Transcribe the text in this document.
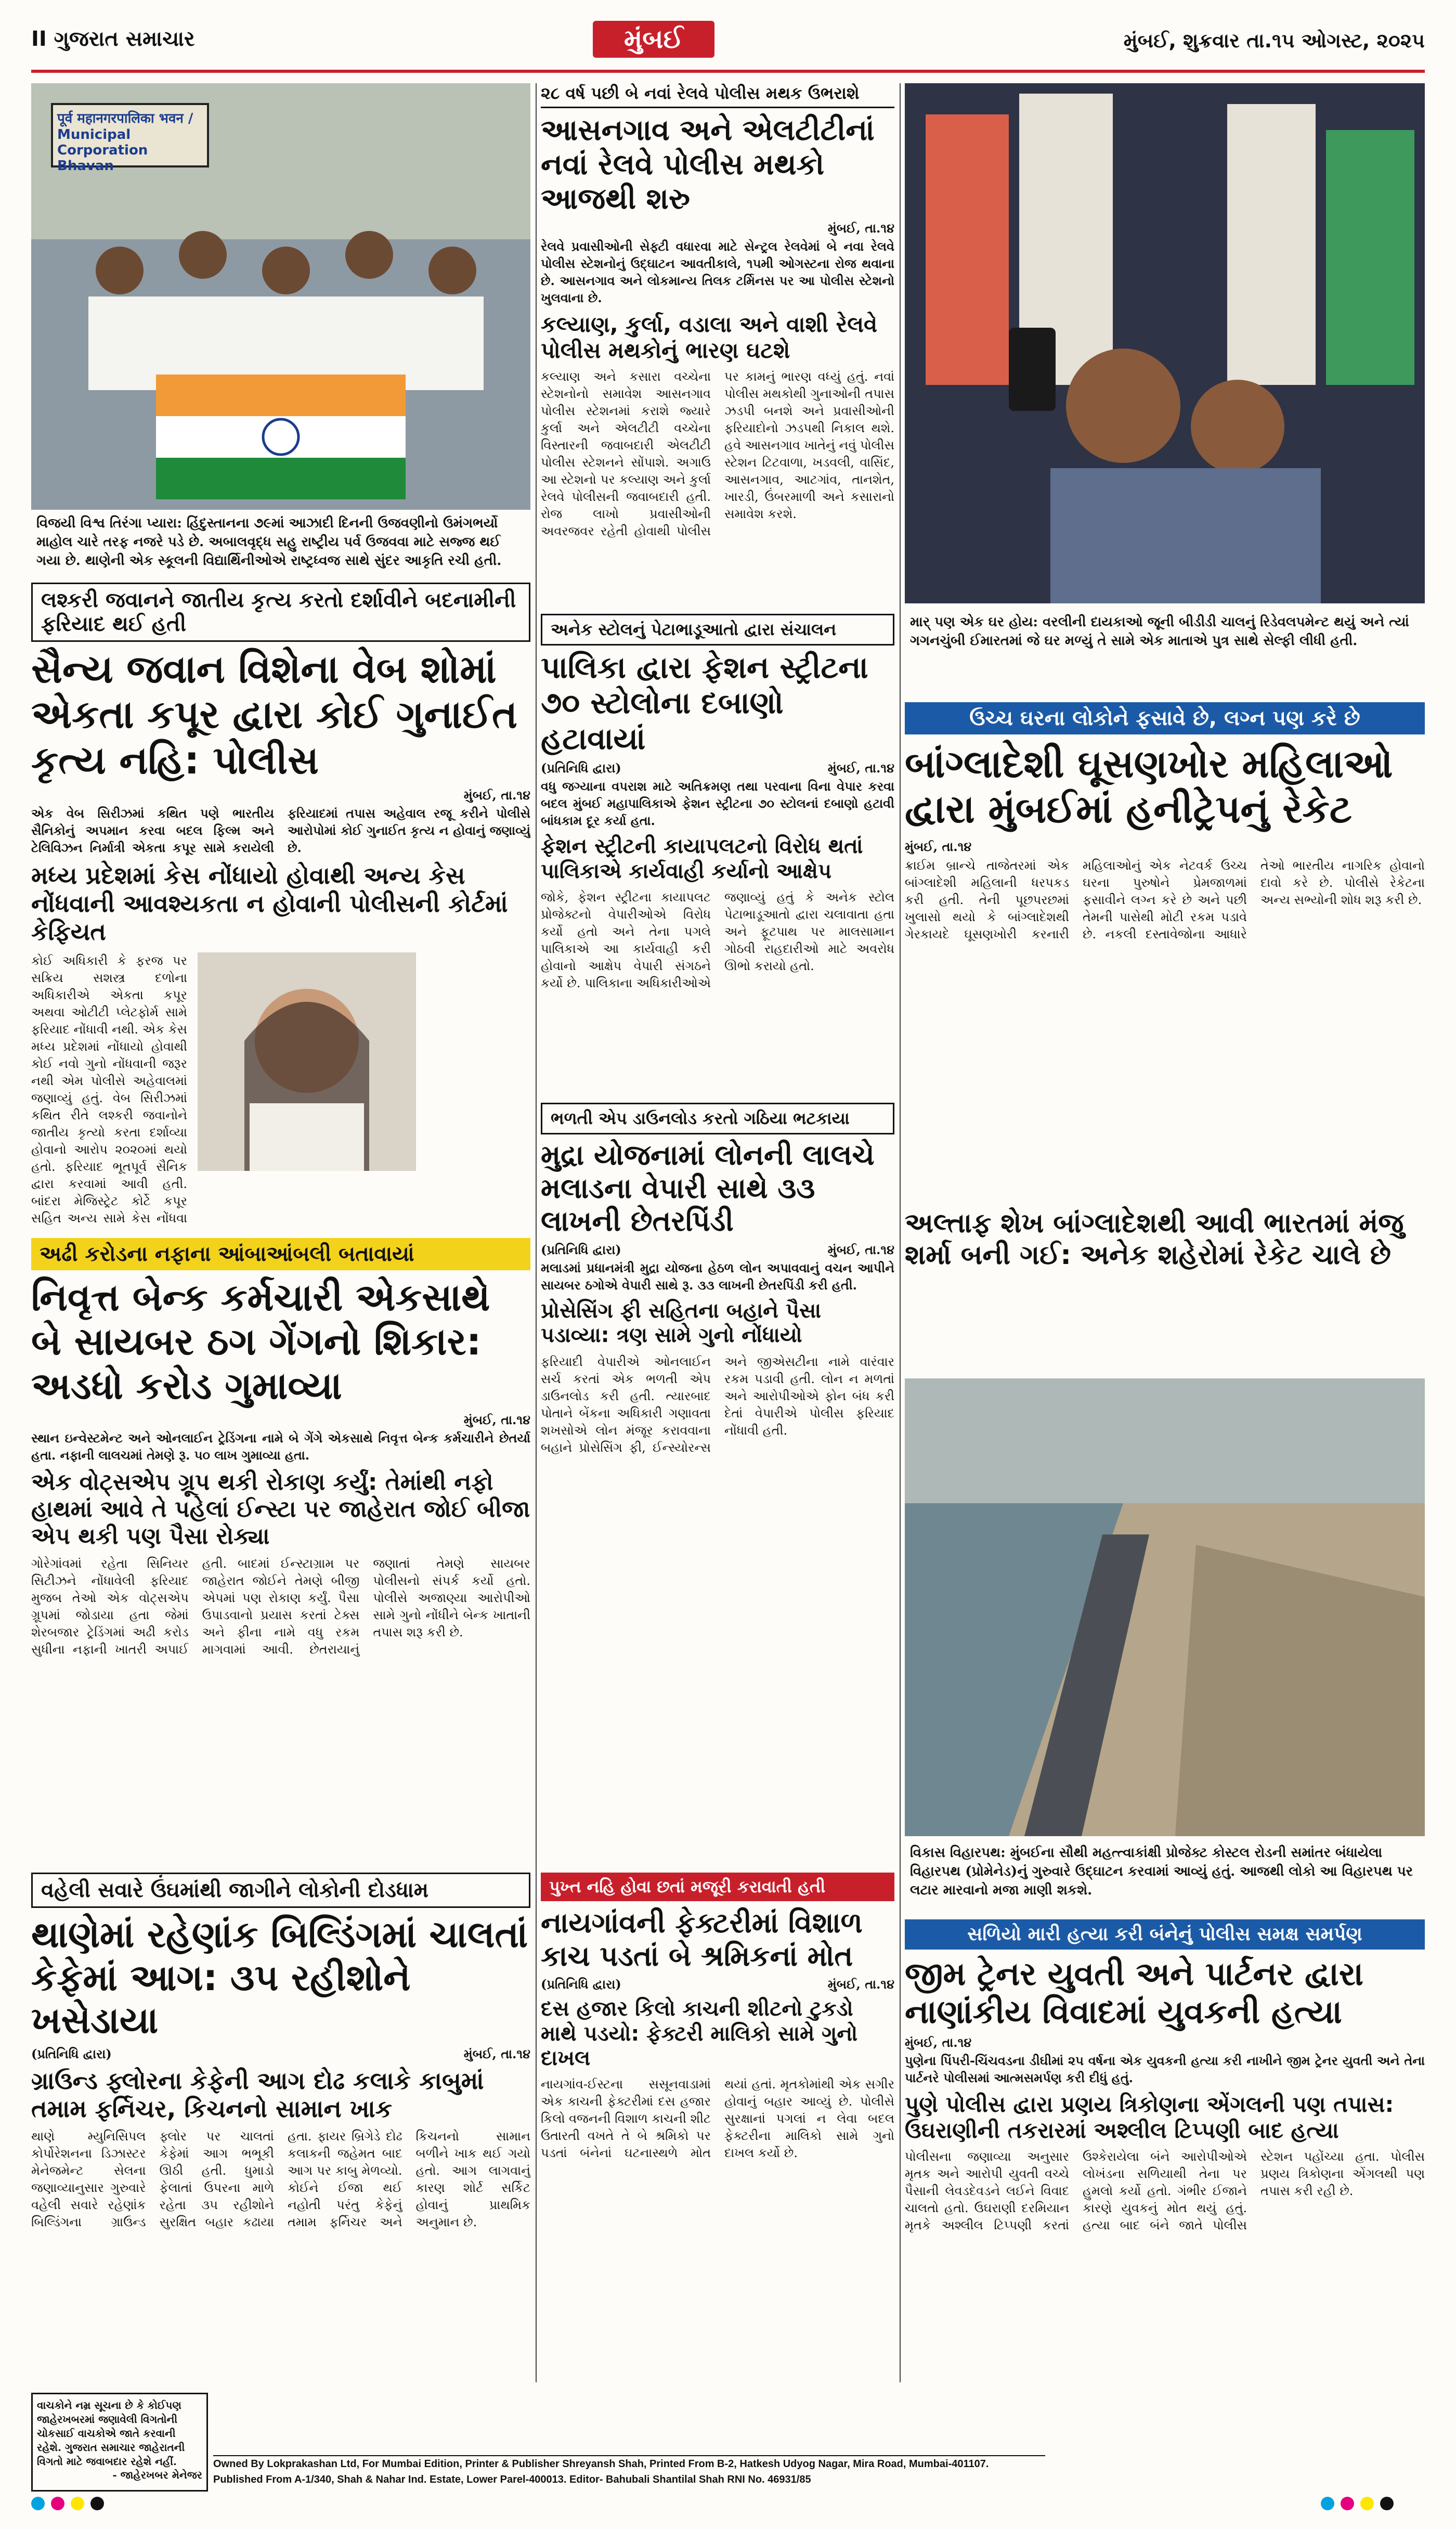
II ગુજરાત સમાચાર	મુંબઈ	મુંબઈ, શુક્રવાર તા.૧૫ ઓગસ્ટ, ૨૦૨૫
पूर्व महानगरपालिका भवन / Municipal Corporation Bhavan
વિજયી વિશ્વ તિરંગા પ્યારા: હિંદુસ્તાનના ૭૯માં આઝાદી દિનની ઉજવણીનો ઉમંગભર્યો માહોલ ચારે તરફ નજરે પડે છે. અબાલવૃદ્ધ સહુ રાષ્ટ્રીય પર્વ ઉજવવા માટે સજ્જ થઈ ગયા છે. થાણેની એક સ્કૂલની વિદ્યાર્થિનીઓએ રાષ્ટ્રધ્વજ સાથે સુંદર આકૃતિ રચી હતી.
૨૮ વર્ષ પછી બે નવાં રેલવે પોલીસ મથક ઉભરાશે
આસનગાવ અને એલટીટીનાં નવાં રેલવે પોલીસ મથકો આજથી શરુ
મુંબઈ, તા.૧૪
રેલવે પ્રવાસીઓની સેફ્ટી વધારવા માટે સેન્ટ્રલ રેલવેમાં બે નવા રેલવે પોલીસ સ્ટેશનોનું ઉદ્ઘાટન આવતીકાલે, ૧૫મી ઓગસ્ટના રોજ થવાના છે. આસનગાવ અને લોકમાન્ય તિલક ટર્મિનસ પર આ પોલીસ સ્ટેશનો ખુલવાના છે.
કલ્યાણ, કુર્લા, વડાલા અને વાશી રેલવે પોલીસ મથકોનું ભારણ ઘટશે
કલ્યાણ અને કસારા વચ્ચેના સ્ટેશનોનો સમાવેશ આસનગાવ પોલીસ સ્ટેશનમાં કરાશે જ્યારે કુર્લા અને એલટીટી વચ્ચેના વિસ્તારની જવાબદારી એલટીટી પોલીસ સ્ટેશનને સોંપાશે. અગાઉ આ સ્ટેશનો પર કલ્યાણ અને કુર્લા રેલવે પોલીસની જવાબદારી હતી. રોજ લાખો પ્રવાસીઓની અવરજવર રહેતી હોવાથી પોલીસ પર કામનું ભારણ વધ્યું હતું. નવાં પોલીસ મથકોથી ગુનાઓની તપાસ ઝડપી બનશે અને પ્રવાસીઓની ફરિયાદોનો ઝડપથી નિકાલ થશે. હવે આસનગાવ ખાતેનું નવું પોલીસ સ્ટેશન ટિટવાળા, ખડવલી, વાસિંદ, આસનગાવ, આટગાંવ, તાનશેત, ખારડી, ઉંબરમાળી અને કસારાનો સમાવેશ કરશે.
માર્ પણ એક ઘર હોય: વરલીની દાયકાઓ જૂની બીડીડી ચાલનું રિડેવલપમેન્ટ થયું અને ત્યાં ગગનચુંબી ઈમારતમાં જે ઘર મળ્યું તે સામે એક માતાએ પુત્ર સાથે સેલ્ફી લીધી હતી.
લશ્કરી જવાનને જાતીય કૃત્ય કરતો દર્શાવીને બદનામીની ફરિયાદ થઈ હતી
સૈન્ય જવાન વિશેના વેબ શોમાં એકતા કપૂર દ્વારા કોઈ ગુનાઈત કૃત્ય નહિ: પોલીસ
મુંબઈ, તા.૧૪
એક વેબ સિરીઝમાં કથિત પણે ભારતીય સૈનિકોનું અપમાન કરવા બદલ ફિલ્મ અને ટેલિવિઝન નિર્માત્રી એકતા કપૂર સામે કરાયેલી ફરિયાદમાં તપાસ અહેવાલ રજૂ કરીને પોલીસે આરોપોમાં કોઈ ગુનાઈત કૃત્ય ન હોવાનું જણાવ્યું છે.
મધ્ય પ્રદેશમાં કેસ નોંધાયો હોવાથી અન્ય કેસ નોંધવાની આવશ્યકતા ન હોવાની પોલીસની કોર્ટમાં કેફિયત
કોઈ અધિકારી કે ફરજ પર સક્રિય સશસ્ત્ર દળોના અધિકારીએ એકતા કપૂર અથવા ઓટીટી પ્લેટફોર્મ સામે ફરિયાદ નોંધાવી નથી. એક કેસ મધ્ય પ્રદેશમાં નોંધાયો હોવાથી કોઈ નવો ગુનો નોંધવાની જરૂર નથી એમ પોલીસે અહેવાલમાં જણાવ્યું હતું. વેબ સિરીઝમાં કથિત રીતે લશ્કરી જવાનોને જાતીય કૃત્યો કરતા દર્શાવ્યા હોવાનો આરોપ ૨૦૨૦માં થયો હતો. ફરિયાદ ભૂતપૂર્વ સૈનિક દ્વારા કરવામાં આવી હતી. બાંદરા મેજિસ્ટ્રેટ કોર્ટે કપૂર સહિત અન્ય સામે કેસ નોંધવા
અનેક સ્ટોલનું પેટાભાડૂઆતો દ્વારા સંચાલન
પાલિકા દ્વારા ફેશન સ્ટ્રીટના ૭૦ સ્ટોલોના દબાણો હટાવાયાં
(પ્રતિનિધિ દ્વારા)	મુંબઈ, તા.૧૪
વધુ જગ્યાના વપરાશ માટે અતિક્રમણ તથા પરવાના વિના વેપાર કરવા બદલ મુંબઈ મહાપાલિકાએ ફેશન સ્ટ્રીટના ૭૦ સ્ટોલનાં દબાણો હટાવી બાંધકામ દૂર કર્યા હતા.
ફેશન સ્ટ્રીટની કાયાપલટનો વિરોધ થતાં પાલિકાએ કાર્યવાહી કર્યાનો આક્ષેપ
જોકે, ફેશન સ્ટ્રીટના કાયાપલટ પ્રોજેક્ટનો વેપારીઓએ વિરોધ કર્યો હતો અને તેના પગલે પાલિકાએ આ કાર્યવાહી કરી હોવાનો આક્ષેપ વેપારી સંગઠને કર્યો છે. પાલિકાના અધિકારીઓએ જણાવ્યું હતું કે અનેક સ્ટોલ પેટાભાડૂઆતો દ્વારા ચલાવાતા હતા અને ફૂટપાથ પર માલસામાન ગોઠવી રાહદારીઓ માટે અવરોધ ઊભો કરાયો હતો.
ઉચ્ચ ઘરના લોકોને ફસાવે છે, લગ્ન પણ કરે છે
બાંગ્લાદેશી ઘૂસણખોર મહિલાઓ દ્વારા મુંબઈમાં હનીટ્રેપનું રેકેટ
મુંબઈ, તા.૧૪
ક્રાઈમ બ્રાન્ચે તાજેતરમાં એક બાંગ્લાદેશી મહિલાની ધરપકડ કરી હતી. તેની પૂછપરછમાં ખુલાસો થયો કે બાંગ્લાદેશથી ગેરકાયદે ઘૂસણખોરી કરનારી મહિલાઓનું એક નેટવર્ક ઉચ્ચ ઘરના પુરુષોને પ્રેમજાળમાં ફસાવીને લગ્ન કરે છે અને પછી તેમની પાસેથી મોટી રકમ પડાવે છે. નકલી દસ્તાવેજોના આધારે તેઓ ભારતીય નાગરિક હોવાનો દાવો કરે છે. પોલીસે રેકેટના અન્ય સભ્યોની શોધ શરૂ કરી છે.
અલ્તાફ શેખ બાંગ્લાદેશથી આવી ભારતમાં મંજુ શર્મા બની ગઈ: અનેક શહેરોમાં રેકેટ ચાલે છે
ભળતી એપ ડાઉનલોડ કરતો ગઠિયા ભટકાયા
મુદ્રા યોજનામાં લોનની લાલચે મલાડના વેપારી સાથે ૩૩ લાખની છેતરપિંડી
(પ્રતિનિધિ દ્વારા)	મુંબઈ, તા.૧૪
મલાડમાં પ્રધાનમંત્રી મુદ્રા યોજના હેઠળ લોન અપાવવાનું વચન આપીને સાયબર ઠગોએ વેપારી સાથે રૂ. ૩૩ લાખની છેતરપિંડી કરી હતી.
પ્રોસેસિંગ ફી સહિતના બહાને પૈસા પડાવ્યા: ત્રણ સામે ગુનો નોંધાયો
ફરિયાદી વેપારીએ ઓનલાઈન સર્ચ કરતાં એક ભળતી એપ ડાઉનલોડ કરી હતી. ત્યારબાદ પોતાને બેંકના અધિકારી ગણાવતા શખસોએ લોન મંજૂર કરાવવાના બહાને પ્રોસેસિંગ ફી, ઈન્સ્યોરન્સ અને જીએસટીના નામે વારંવાર રકમ પડાવી હતી. લોન ન મળતાં અને આરોપીઓએ ફોન બંધ કરી દેતાં વેપારીએ પોલીસ ફરિયાદ નોંધાવી હતી.
અઢી કરોડના નફાના આંબાઆંબલી બતાવાયાં
નિવૃત્ત બેન્ક કર્મચારી એકસાથે બે સાયબર ઠગ ગેંગનો શિકાર: અડધો કરોડ ગુમાવ્યા
મુંબઈ, તા.૧૪
સ્થાન ઇન્વેસ્ટમેન્ટ અને ઓનલાઈન ટ્રેડિંગના નામે બે ગેંગે એકસાથે નિવૃત્ત બેન્ક કર્મચારીને છેતર્યા હતા. નફાની લાલચમાં તેમણે રૂ. ૫૦ લાખ ગુમાવ્યા હતા.
એક વોટ્સએપ ગ્રૂપ થકી રોકાણ કર્યું: તેમાંથી નફો હાથમાં આવે તે પહેલાં ઈન્સ્ટા પર જાહેરાત જોઈ બીજા એપ થકી પણ પૈસા રોક્યા
ગોરેગાંવમાં રહેતા સિનિયર સિટીઝને નોંધાવેલી ફરિયાદ મુજબ તેઓ એક વોટ્સએપ ગ્રૂપમાં જોડાયા હતા જેમાં શેરબજાર ટ્રેડિંગમાં અઢી કરોડ સુધીના નફાની ખાતરી અપાઈ હતી. બાદમાં ઈન્સ્ટાગ્રામ પર જાહેરાત જોઈને તેમણે બીજી એપમાં પણ રોકાણ કર્યું. પૈસા ઉપાડવાનો પ્રયાસ કરતાં ટેક્સ અને ફીના નામે વધુ રકમ માગવામાં આવી. છેતરાયાનું જણાતાં તેમણે સાયબર પોલીસનો સંપર્ક કર્યો હતો. પોલીસે અજાણ્યા આરોપીઓ સામે ગુનો નોંધીને બેન્ક ખાતાની તપાસ શરૂ કરી છે.
વિકાસ વિહારપથ: મુંબઈના સૌથી મહત્ત્વાકાંક્ષી પ્રોજેક્ટ કોસ્ટલ રોડની સમાંતર બંધાયેલા વિહારપથ (પ્રોમેનેડ)નું ગુરુવારે ઉદ્ઘાટન કરવામાં આવ્યું હતું. આજથી લોકો આ વિહારપથ પર લટાર મારવાનો મજા માણી શકશે.
વહેલી સવારે ઉંઘમાંથી જાગીને લોકોની દોડધામ
થાણેમાં રહેણાંક બિલ્ડિંગમાં ચાલતાં કેફેમાં આગ: ૩૫ રહીશોને ખસેડાયા
(પ્રતિનિધિ દ્વારા)	મુંબઈ, તા.૧૪
ગ્રાઉન્ડ ફ્લોરના કેફેની આગ દોઢ કલાકે કાબુમાં તમામ ફર્નિચર, કિચનનો સામાન ખાક
થાણે મ્યુનિસિપલ કોર્પોરેશનના ડિઝાસ્ટર મેનેજમેન્ટ સેલના જણાવ્યાનુસાર ગુરુવારે વહેલી સવારે રહેણાંક બિલ્ડિંગના ગ્રાઉન્ડ ફ્લોર પર ચાલતાં કેફેમાં આગ ભભૂકી ઊઠી હતી. ધુમાડો ફેલાતાં ઉપરના માળે રહેતા ૩૫ રહીશોને સુરક્ષિત બહાર કઢાયા હતા. ફાયર બ્રિગેડે દોઢ કલાકની જહેમત બાદ આગ પર કાબુ મેળવ્યો. કોઈને ઈજા થઈ નહોતી પરંતુ કેફેનું તમામ ફર્નિચર અને કિચનનો સામાન બળીને ખાક થઈ ગયો હતો. આગ લાગવાનું કારણ શોર્ટ સર્કિટ હોવાનું પ્રાથમિક અનુમાન છે.
પુખ્ત નહિ હોવા છતાં મજૂરી કરાવાતી હતી
નાયગાંવની ફેક્ટરીમાં વિશાળ કાચ પડતાં બે શ્રમિકનાં મોત
(પ્રતિનિધિ દ્વારા)	મુંબઈ, તા.૧૪
દસ હજાર કિલો કાચની શીટનો ટુકડો માથે પડયો: ફેક્ટરી માલિકો સામે ગુનો દાખલ
નાયગાંવ-ઈસ્ટના સસૂનવાડામાં એક કાચની ફેક્ટરીમાં દસ હજાર કિલો વજનની વિશાળ કાચની શીટ ઉતારતી વખતે તે બે શ્રમિકો પર પડતાં બંનેનાં ઘટનાસ્થળે મોત થયાં હતાં. મૃતકોમાંથી એક સગીર હોવાનું બહાર આવ્યું છે. પોલીસે સુરક્ષાનાં પગલાં ન લેવા બદલ ફેક્ટરીના માલિકો સામે ગુનો દાખલ કર્યો છે.
સળિયો મારી હત્યા કરી બંનેનું પોલીસ સમક્ષ સમર્પણ
જીમ ટ્રેનર યુવતી અને પાર્ટનર દ્વારા નાણાંકીય વિવાદમાં યુવકની હત્યા
મુંબઈ, તા.૧૪
પુણેના પિંપરી-ચિંચવડના ડીઘીમાં ૨૫ વર્ષના એક યુવકની હત્યા કરી નાખીને જીમ ટ્રેનર યુવતી અને તેના પાર્ટનરે પોલીસમાં આત્મસમર્પણ કરી દીધું હતું.
પુણે પોલીસ દ્વારા પ્રણય ત્રિકોણના એંગલની પણ તપાસ: ઉઘરાણીની તકરારમાં અશ્લીલ ટિપ્પણી બાદ હત્યા
પોલીસના જણાવ્યા અનુસાર મૃતક અને આરોપી યુવતી વચ્ચે પૈસાની લેવડદેવડને લઈને વિવાદ ચાલતો હતો. ઉઘરાણી દરમિયાન મૃતકે અશ્લીલ ટિપ્પણી કરતાં ઉશ્કેરાયેલા બંને આરોપીઓએ લોખંડના સળિયાથી તેના પર હુમલો કર્યો હતો. ગંભીર ઈજાને કારણે યુવકનું મોત થયું હતું. હત્યા બાદ બંને જાતે પોલીસ સ્ટેશન પહોંચ્યા હતા. પોલીસ પ્રણય ત્રિકોણના એંગલથી પણ તપાસ કરી રહી છે.
વાચકોને નમ્ર સૂચના છે કે કોઈપણ જાહેરખબરમાં જણાવેલી વિગતોની ચોકસાઈ વાચકોએ જાતે કરવાની રહેશે. ગુજરાત સમાચાર જાહેરાતની વિગતો માટે જવાબદાર રહેશે નહીં.
- જાહેરખબર મેનેજર
Owned By Lokprakashan Ltd, For Mumbai Edition, Printer & Publisher Shreyansh Shah, Printed From B-2, Hatkesh Udyog Nagar, Mira Road, Mumbai-401107.
Published From A-1/340, Shah & Nahar Ind. Estate, Lower Parel-400013. Editor- Bahubali Shantilal Shah RNI No. 46931/85
